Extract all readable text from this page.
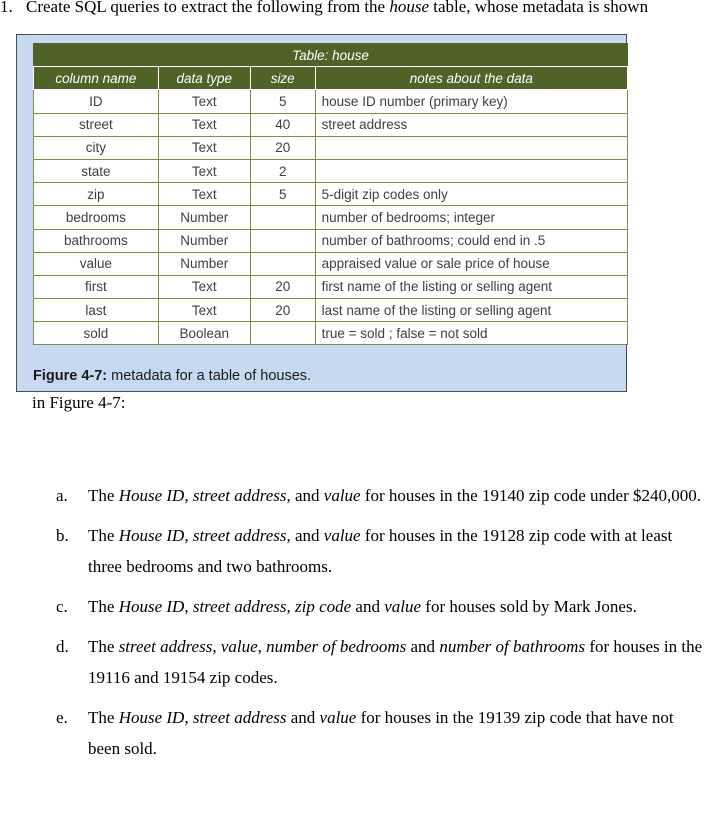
1. Create SQL queries to extract the following from the house table, whose metadata is shown
Table: house			
column name	data type	size	notes about the data
ID	Text	5	house ID number (primary key)
street	Text	40	street address
city	Text	20	
state	Text	2	
zip	Text	5	5-digit zip codes only
bedrooms	Number		number of bedrooms; integer
bathrooms	Number		number of bathrooms; could end in .5
value	Number		appraised value or sale price of house
first	Text	20	first name of the listing or selling agent
last	Text	20	last name of the listing or selling agent
sold	Boolean		true = sold ; false = not sold
Figure 4-7: metadata for a table of houses.
in Figure 4-7:
a. The House ID, street address, and value for houses in the 19140 zip code under $240,000.
b. The House ID, street address, and value for houses in the 19128 zip code with at least three bedrooms and two bathrooms.
c. The House ID, street address, zip code and value for houses sold by Mark Jones.
d. The street address, value, number of bedrooms and number of bathrooms for houses in the 19116 and 19154 zip codes.
e. The House ID, street address and value for houses in the 19139 zip code that have not been sold.
